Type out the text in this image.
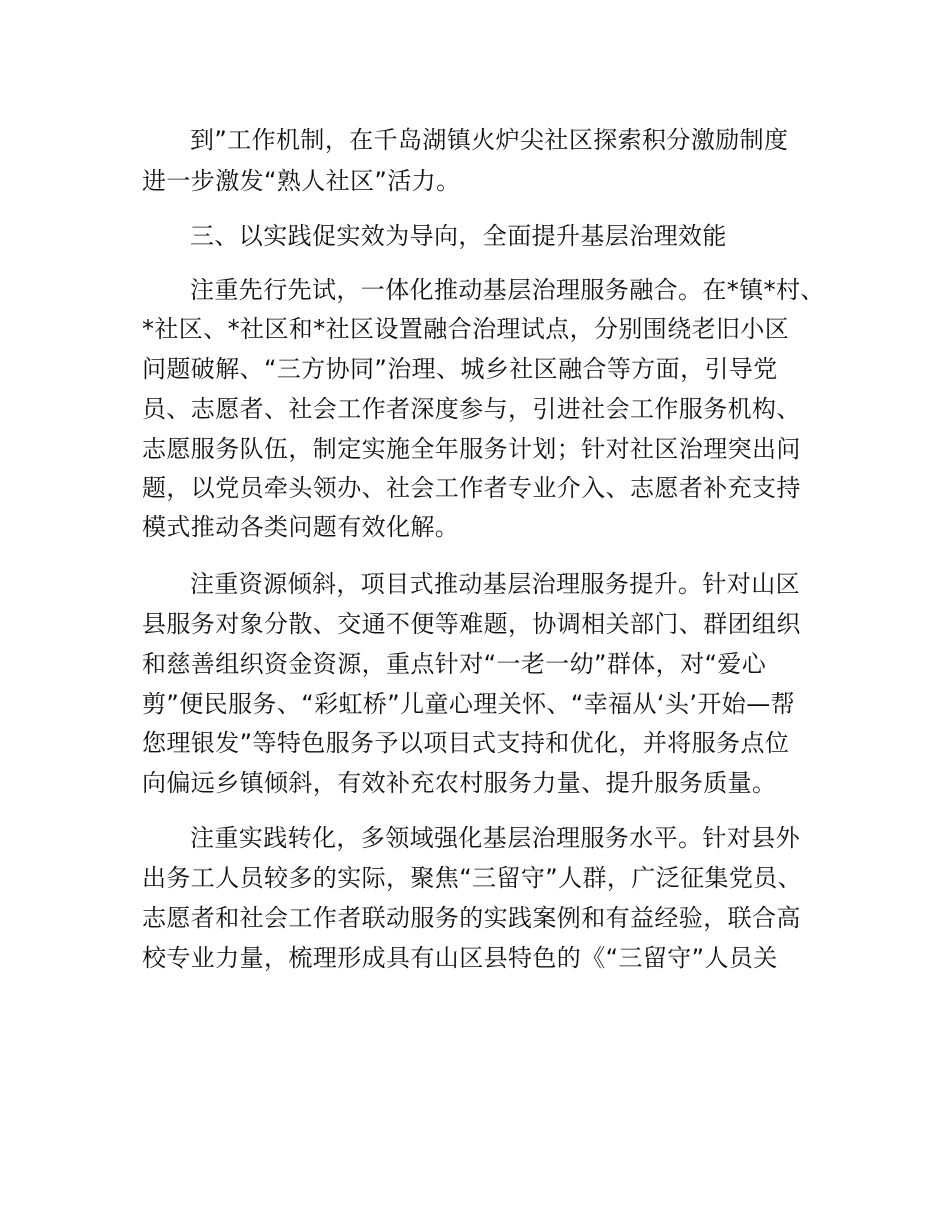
到”工作机制，在千岛湖镇火炉尖社区探索积分激励制度
进一步激发“熟人社区”活力。
三、以实践促实效为导向，全面提升基层治理效能
注重先行先试，一体化推动基层治理服务融合。在*镇*村、
*社区、*社区和*社区设置融合治理试点，分别围绕老旧小区
问题破解、“三方协同”治理、城乡社区融合等方面，引导党
员、志愿者、社会工作者深度参与，引进社会工作服务机构、
志愿服务队伍，制定实施全年服务计划；针对社区治理突出问
题，以党员牵头领办、社会工作者专业介入、志愿者补充支持
模式推动各类问题有效化解。
注重资源倾斜，项目式推动基层治理服务提升。针对山区
县服务对象分散、交通不便等难题，协调相关部门、群团组织
和慈善组织资金资源，重点针对“一老一幼”群体，对“爱心
剪”便民服务、“彩虹桥”儿童心理关怀、“幸福从‘头’开始—帮
您理银发”等特色服务予以项目式支持和优化，并将服务点位
向偏远乡镇倾斜，有效补充农村服务力量、提升服务质量。
注重实践转化，多领域强化基层治理服务水平。针对县外
出务工人员较多的实际，聚焦“三留守”人群，广泛征集党员、
志愿者和社会工作者联动服务的实践案例和有益经验，联合高
校专业力量，梳理形成具有山区县特色的《“三留守”人员关
